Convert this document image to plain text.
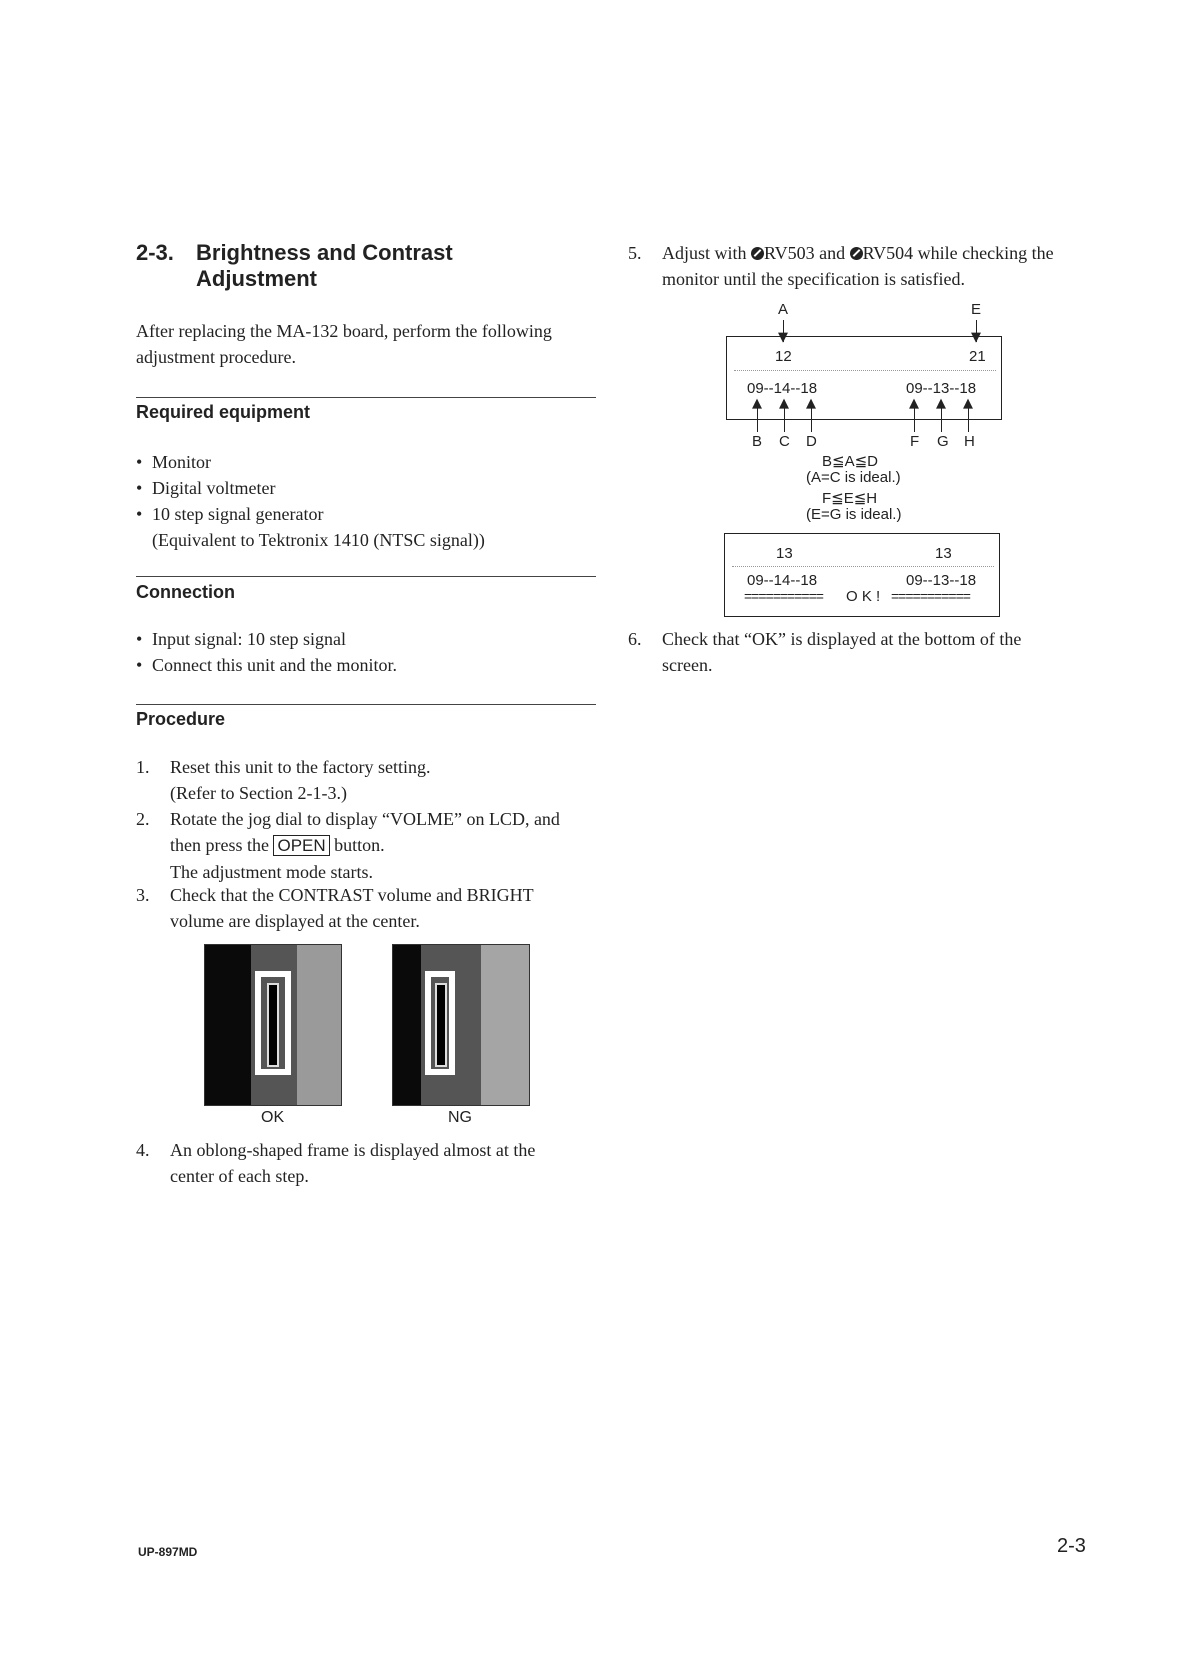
2-3. Brightness and Contrast
Adjustment
After replacing the MA-132 board, perform the following adjustment procedure.
Required equipment
• Monitor
• Digital voltmeter
• 10 step signal generator
(Equivalent to Tektronix 1410 (NTSC signal))
Connection
• Input signal: 10 step signal
• Connect this unit and the monitor.
Procedure
1. Reset this unit to the factory setting.
(Refer to Section 2-1-3.)
2. Rotate the jog dial to display “VOLME” on LCD, and
then press the OPEN button.
The adjustment mode starts.
3. Check that the CONTRAST volume and BRIGHT
volume are displayed at the center.
OK	NG
4. An oblong-shaped frame is displayed almost at the
center of each step.
5. Adjust with RV503 and RV504 while checking the
monitor until the specification is satisfied.
A	E
▼	▼
12	21
09--14--18	09--13--18
▲ ▲ ▲	▲ ▲ ▲
B C D	F G H
B≦A≦D
(A=C is ideal.)
F≦E≦H
(E=G is ideal.)
13	13
09--14--18	09--13--18
=========== O K ! ===========
6. Check that “OK” is displayed at the bottom of the
screen.
UP-897MD	2-3
